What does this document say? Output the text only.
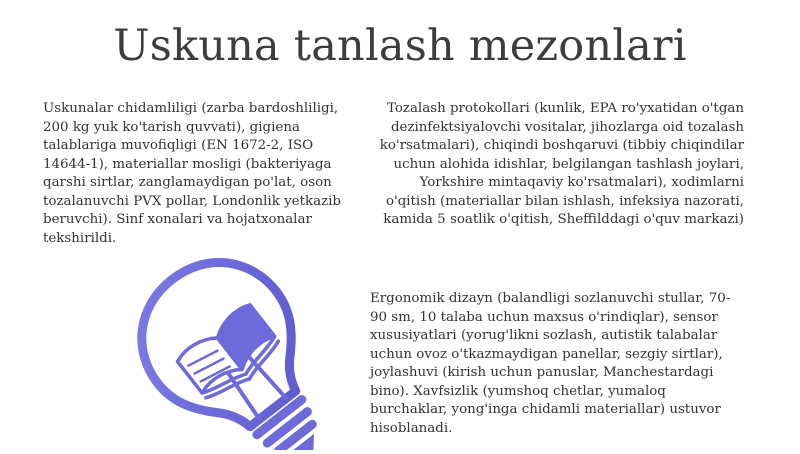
Uskuna tanlash mezonlari

Uskunalar chidamliligi (zarba bardoshliligi, 200 kg yuk ko'tarish quvvati), gigiena talablariga muvofiqligi (EN 1672-2, ISO 14644-1), materiallar mosligi (bakteriyaga qarshi sirtlar, zanglamaydigan po'lat, oson tozalanuvchi PVX pollar, Londonlik yetkazib beruvchi). Sinf xonalari va hojatxonalar tekshirildi.

Tozalash protokollari (kunlik, EPA ro'yxatidan o'tgan dezinfektsiyalovchi vositalar, jihozlarga oid tozalash ko'rsatmalari), chiqindi boshqaruvi (tibbiy chiqindilar uchun alohida idishlar, belgilangan tashlash joylari, Yorkshire mintaqaviy ko'rsatmalari), xodimlarni o'qitish (materiallar bilan ishlash, infeksiya nazorati, kamida 5 soatlik o'qitish, Sheffilddagi o'quv markazi)

Ergonomik dizayn (balandligi sozlanuvchi stullar, 70-90 sm, 10 talaba uchun maxsus o'rindiqlar), sensor xususiyatlari (yorug'likni sozlash, autistik talabalar uchun ovoz o'tkazmaydigan panellar, sezgiy sirtlar), joylashuvi (kirish uchun panuslar, Manchestardagi bino). Xavfsizlik (yumshoq chetlar, yumaloq burchaklar, yong'inga chidamli materiallar) ustuvor hisoblanadi.
